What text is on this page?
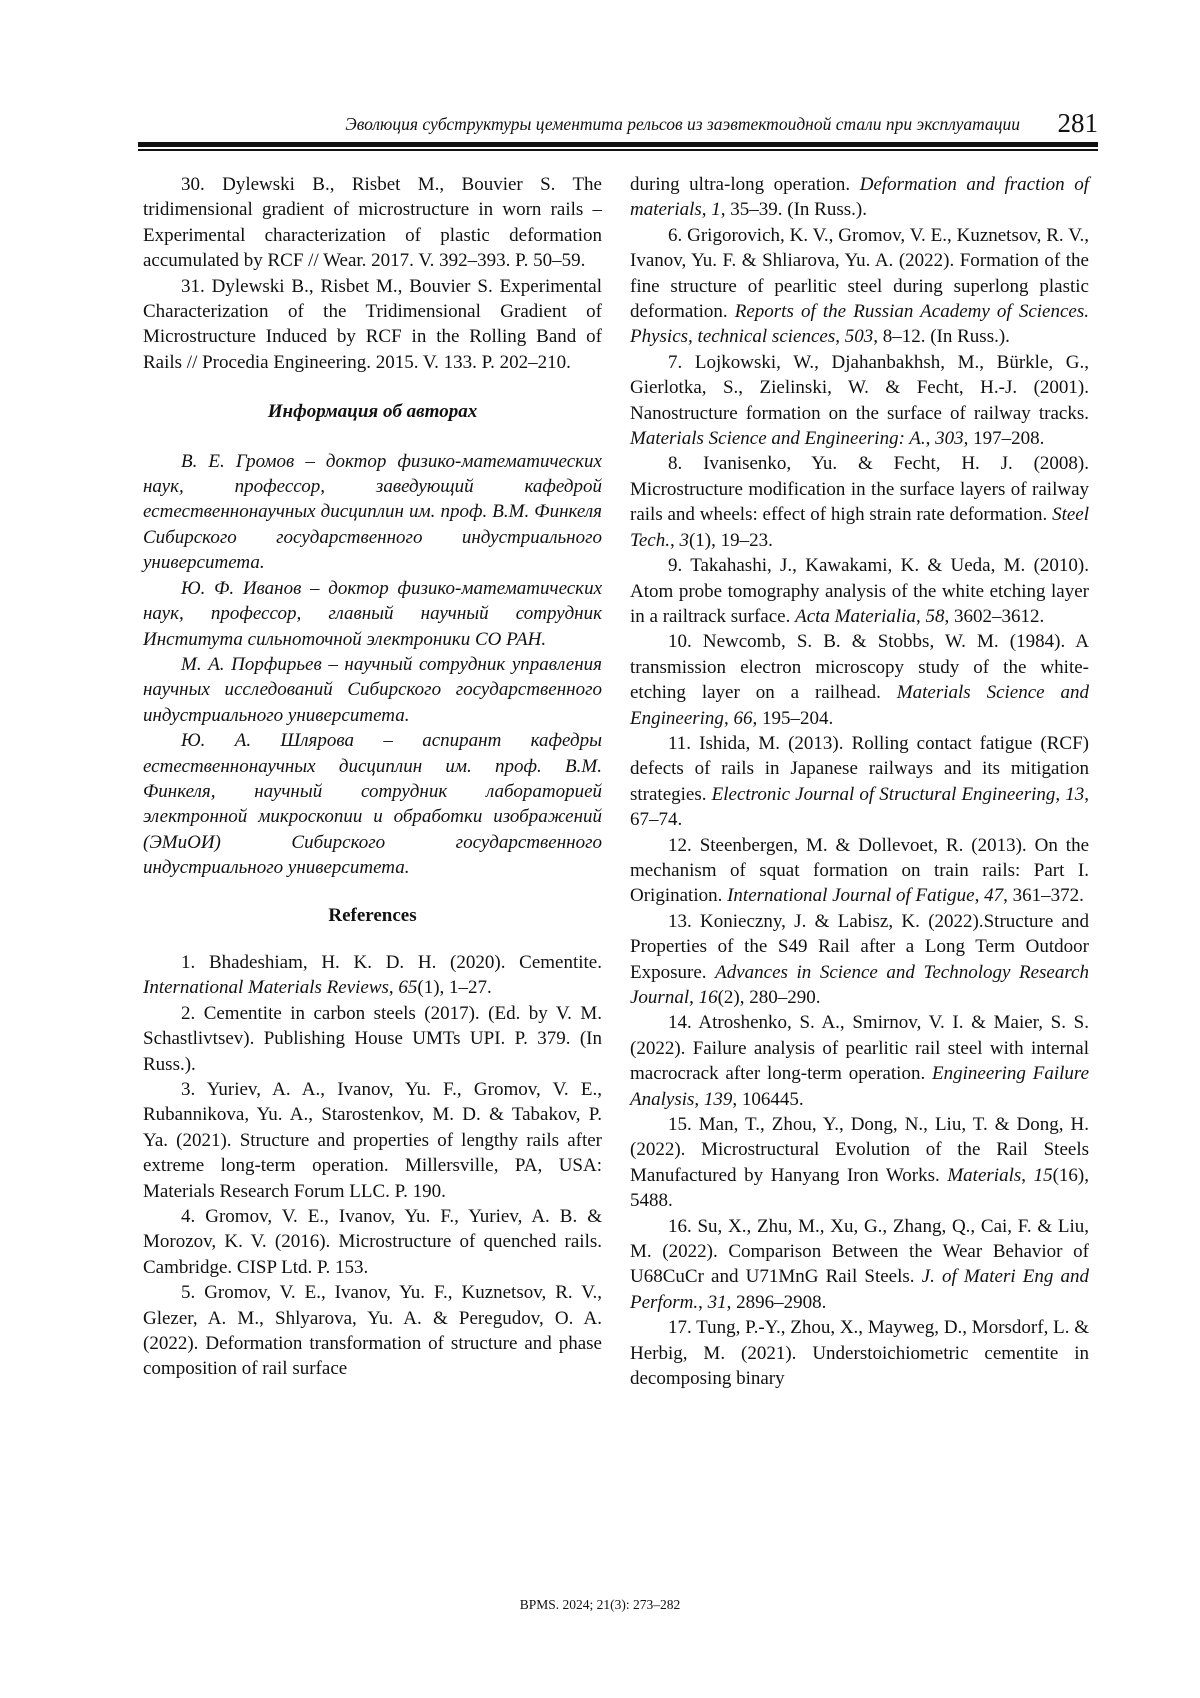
Эволюция субструктуры цементита рельсов из заэвтектоидной стали при эксплуатации 281

30. Dylewski B., Risbet M., Bouvier S. The tridimensional gradient of microstructure in worn rails – Experimental characterization of plastic deformation accumulated by RCF // Wear. 2017. V. 392–393. P. 50–59.

31. Dylewski B., Risbet M., Bouvier S. Experimental Characterization of the Tridimensional Gradient of Microstructure Induced by RCF in the Rolling Band of Rails // Procedia Engineering. 2015. V. 133. P. 202–210.

Информация об авторах

В. Е. Громов – доктор физико-математических наук, профессор, заведующий кафедрой естественнонаучных дисциплин им. проф. В.М. Финкеля Сибирского государственного индустриального университета.

Ю. Ф. Иванов – доктор физико-математических наук, профессор, главный научный сотрудник Института сильноточной электроники СО РАН.

М. А. Порфирьев – научный сотрудник управления научных исследований Сибирского государственного индустриального университета.

Ю. А. Шлярова – аспирант кафедры естественнонаучных дисциплин им. проф. В.М. Финкеля, научный сотрудник лабораторией электронной микроскопии и обработки изображений (ЭМиОИ) Сибирского государственного индустриального университета.

References

1. Bhadeshiam, H. K. D. H. (2020). Cementite. International Materials Reviews, 65(1), 1–27.

2. Cementite in carbon steels (2017). (Ed. by V. M. Schastlivtsev). Publishing House UMTs UPI. P. 379. (In Russ.).

3. Yuriev, A. A., Ivanov, Yu. F., Gromov, V. E., Rubannikova, Yu. A., Starostenkov, M. D. & Tabakov, P. Ya. (2021). Structure and properties of lengthy rails after extreme long-term operation. Millersville, PA, USA: Materials Research Forum LLC. P. 190.

4. Gromov, V. E., Ivanov, Yu. F., Yuriev, A. B. & Morozov, K. V. (2016). Microstructure of quenched rails. Cambridge. CISP Ltd. P. 153.

5. Gromov, V. E., Ivanov, Yu. F., Kuznetsov, R. V., Glezer, A. M., Shlyarova, Yu. A. & Peregudov, O. A. (2022). Deformation transformation of structure and phase composition of rail surface

during ultra-long operation. Deformation and fraction of materials, 1, 35–39. (In Russ.).

6. Grigorovich, K. V., Gromov, V. E., Kuznetsov, R. V., Ivanov, Yu. F. & Shliarova, Yu. A. (2022). Formation of the fine structure of pearlitic steel during superlong plastic deformation. Reports of the Russian Academy of Sciences. Physics, technical sciences, 503, 8–12. (In Russ.).

7. Lojkowski, W., Djahanbakhsh, M., Bürkle, G., Gierlotka, S., Zielinski, W. & Fecht, H.-J. (2001). Nanostructure formation on the surface of railway tracks. Materials Science and Engineering: A., 303, 197–208.

8. Ivanisenko, Yu. & Fecht, H. J. (2008). Microstructure modification in the surface layers of railway rails and wheels: effect of high strain rate deformation. Steel Tech., 3(1), 19–23.

9. Takahashi, J., Kawakami, K. & Ueda, M. (2010). Atom probe tomography analysis of the white etching layer in a railtrack surface. Acta Materialia, 58, 3602–3612.

10. Newcomb, S. B. & Stobbs, W. M. (1984). A transmission electron microscopy study of the white-etching layer on a railhead. Materials Science and Engineering, 66, 195–204.

11. Ishida, M. (2013). Rolling contact fatigue (RCF) defects of rails in Japanese railways and its mitigation strategies. Electronic Journal of Structural Engineering, 13, 67–74.

12. Steenbergen, M. & Dollevoet, R. (2013). On the mechanism of squat formation on train rails: Part I. Origination. International Journal of Fatigue, 47, 361–372.

13. Konieczny, J. & Labisz, K. (2022).Structure and Properties of the S49 Rail after a Long Term Outdoor Exposure. Advances in Science and Technology Research Journal, 16(2), 280–290.

14. Atroshenko, S. A., Smirnov, V. I. & Maier, S. S. (2022). Failure analysis of pearlitic rail steel with internal macrocrack after long-term operation. Engineering Failure Analysis, 139, 106445.

15. Man, T., Zhou, Y., Dong, N., Liu, T. & Dong, H. (2022). Microstructural Evolution of the Rail Steels Manufactured by Hanyang Iron Works. Materials, 15(16), 5488.

16. Su, X., Zhu, M., Xu, G., Zhang, Q., Cai, F. & Liu, M. (2022). Comparison Between the Wear Behavior of U68CuCr and U71MnG Rail Steels. J. of Materi Eng and Perform., 31, 2896–2908.

17. Tung, P.-Y., Zhou, X., Mayweg, D., Morsdorf, L. & Herbig, M. (2021). Understoichiometric cementite in decomposing binary

BPMS. 2024; 21(3): 273–282
